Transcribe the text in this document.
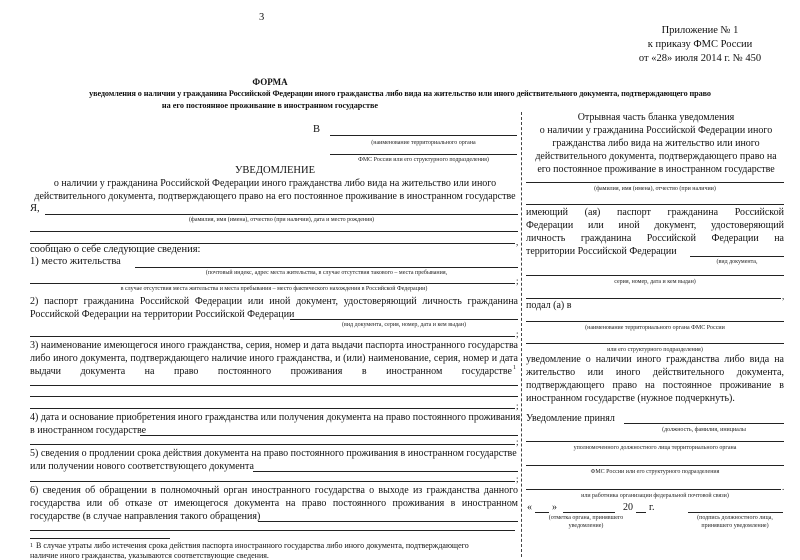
3
Приложение № 1
к приказу ФМС России
от «28» июля 2014 г. № 450
ФОРМА
уведомления о наличии у гражданина Российской Федерации иного гражданства либо вида на жительство или иного действительного документа, подтверждающего право
на его постоянное проживание в иностранном государстве
В
(наименование территориального органа
ФМС России или его структурного подразделения)
УВЕДОМЛЕНИЕ
о наличии у гражданина Российской Федерации иного гражданства либо вида на жительство или иного
действительного документа, подтверждающего право на его постоянное проживание в иностранном государстве
Я,
(фамилия, имя (имена), отчество (при наличии), дата и место рождения)
,
сообщаю о себе следующие сведения:
1) место жительства
(почтовый индекс, адрес места жительства, в случае отсутствия такового – места пребывания,
;
в случае отсутствия места жительства и места пребывания – место фактического нахождения в Российской Федерации)
2) паспорт гражданина Российской Федерации или иной документ, удостоверяющий личность гражданина
Российской Федерации на территории Российской Федерации
(вид документа, серия, номер, дата и кем выдан)
;
3) наименование имеющегося иного гражданства, серия, номер и дата выдачи паспорта иностранного государства
либо иного документа, подтверждающего наличие иного гражданства, и (или) наименование, серия, номер и дата
выдачи документа на право постоянного проживания в иностранном государстве 1
;
4) дата и основание приобретения иного гражданства или получения документа на право постоянного проживания
в иностранном государстве
;
5) сведения о продлении срока действия документа на право постоянного проживания в иностранном государстве
или получении нового соответствующего документа
;
6) сведения об обращении в полномочный орган иностранного государства о выходе из гражданства данного
государства или об отказе от имеющегося документа на право постоянного проживания в иностранном
государстве (в случае направления такого обращения)
1 В случае утраты либо истечения срока действия паспорта иностранного государства либо иного документа, подтверждающего
наличие иного гражданства, указываются соответствующие сведения.
Отрывная часть бланка уведомления
о наличии у гражданина Российской Федерации иного
гражданства либо вида на жительство или иного
действительного документа, подтверждающего право на
его постоянное проживание в иностранном государстве
(фамилия, имя (имена), отчество (при наличии)
имеющий (ая) паспорт гражданина Российской
Федерации или иной документ, удостоверяющий
личность гражданина Российской Федерации на
территории Российской Федерации
(вид документа,
серия, номер, дата и кем выдан)
,
подал (а) в
(наименование территориального органа ФМС России
или его структурного подразделения)
уведомление о наличии иного гражданства либо вида на
жительство или иного действительного документа,
подтверждающего право на постоянное проживание в
иностранном государстве (нужное подчеркнуть).
Уведомление принял
(должность, фамилия, инициалы
уполномоченного должностного лица территориального органа
ФМС России или его структурного подразделения
.
или работника организации федеральной почтовой связи)
« »	20 г.
(отметка органа, принявшего
уведомление)
(подпись должностного лица,
принявшего уведомление)
